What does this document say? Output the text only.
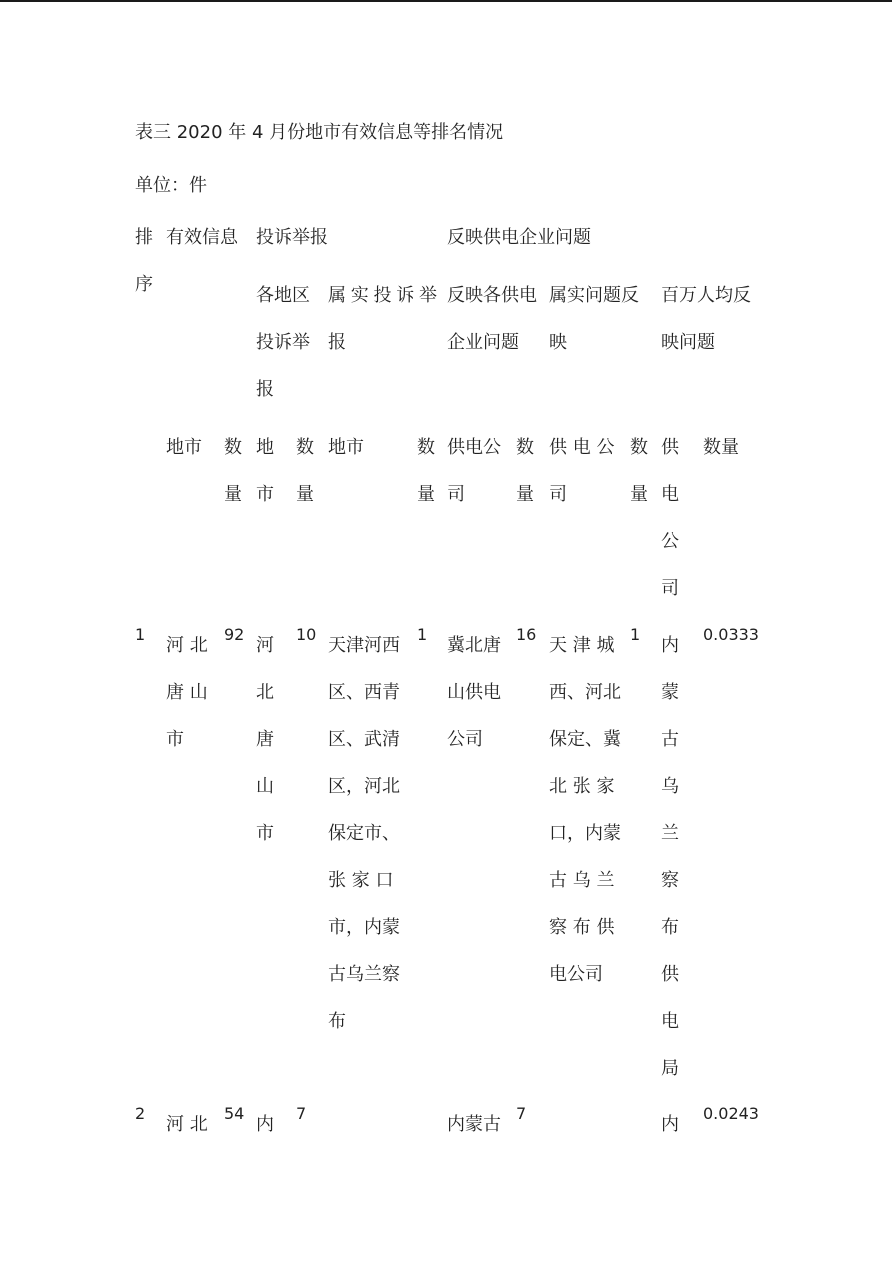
表三 2020 年 4 月份地市有效信息等排名情况
单位：件
排
序
有效信息 投诉举报	反映供电企业问题
各地区
投诉举
报
属实投诉举
报
反映各供电
企业问题
属实问题反
映
百万人均反
映问题
地市 数
量
地
市
数
量
地市	数
量
供电公
司
数
量
供 电 公
司
数
量
供
电
公
司
数量
1
河 北
唐 山
市
92
河
北
唐
山
市
10
天津河西
区、西青
区、武清
区，河北
保定市、
张 家 口
市，内蒙
古乌兰察
布
1
冀北唐
山供电
公司
16
天 津 城
西、河北
保定、冀
北 张 家
口，内蒙
古 乌 兰
察 布 供
电公司
1
内
蒙
古
乌
兰
察
布
供
电
局
0.0333
2
河 北
54
内
7
内蒙古
7
内
0.0243
